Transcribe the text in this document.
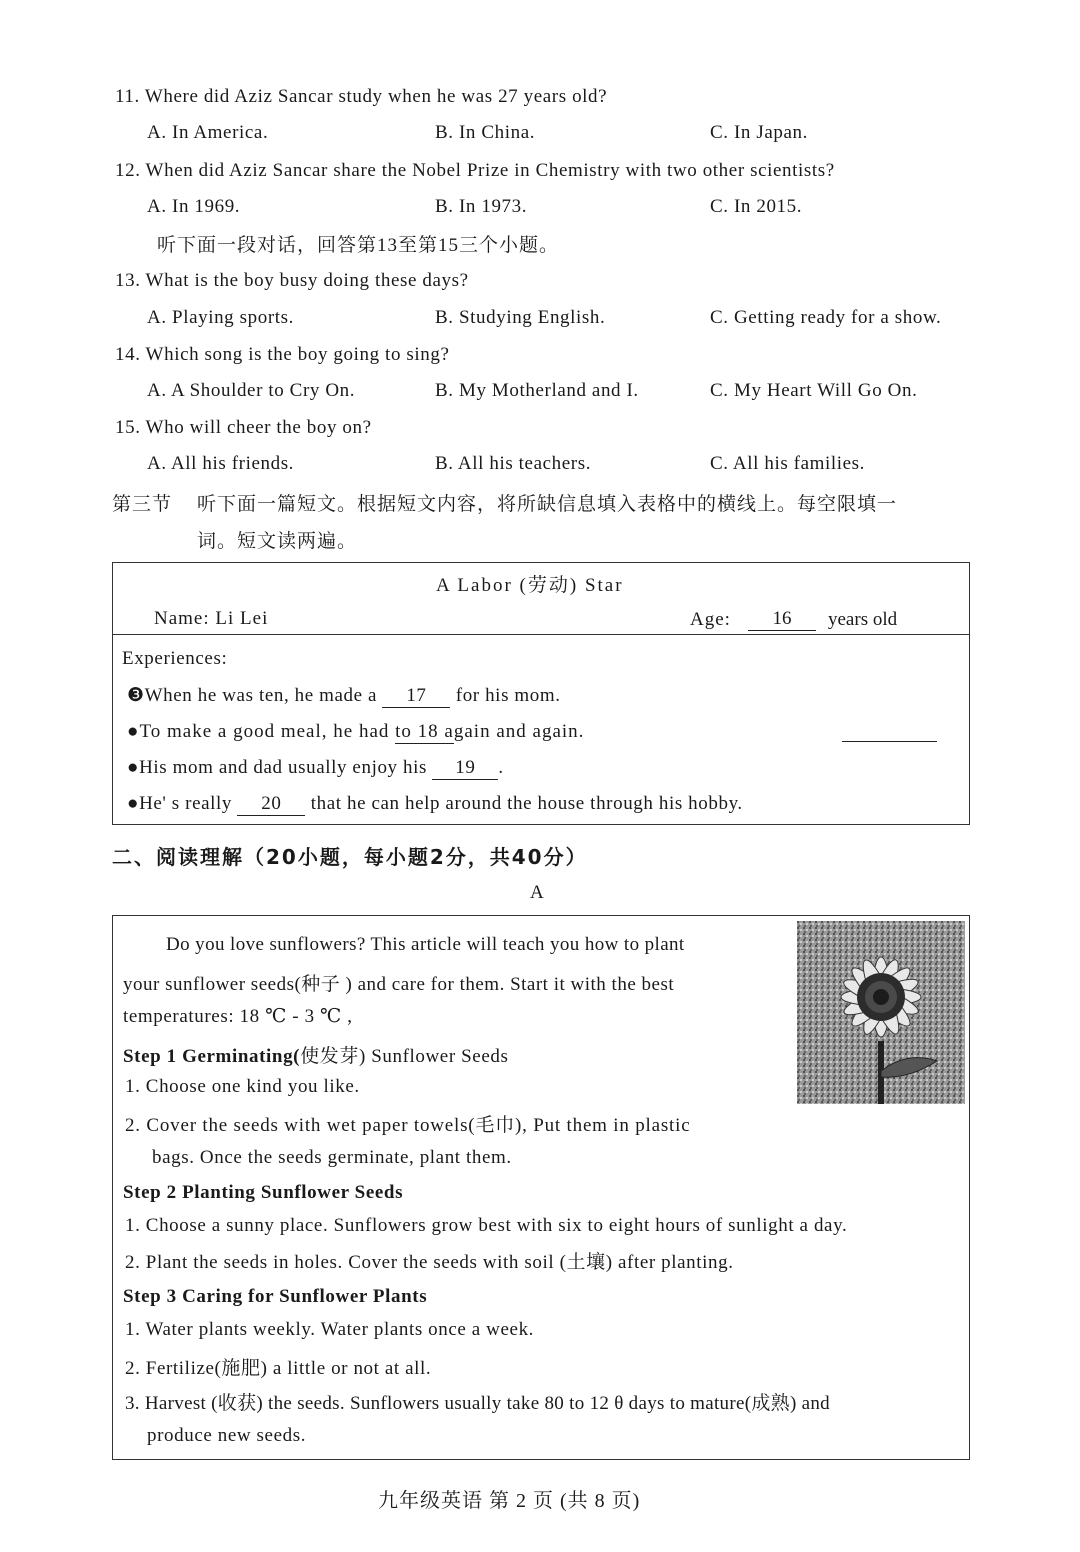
11. Where did Aziz Sancar study when he was 27 years old?
A. In America.	B. In China.	C. In Japan.
12. When did Aziz Sancar share the Nobel Prize in Chemistry with two other scientists?
A. In 1969.	B. In 1973.	C. In 2015.
听下面一段对话，回答第13至第15三个小题。
13. What is the boy busy doing these days?
A. Playing sports.	B. Studying English.	C. Getting ready for a show.
14. Which song is the boy going to sing?
A. A Shoulder to Cry On.	B. My Motherland and I.	C. My Heart Will Go On.
15. Who will cheer the boy on?
A. All his friends.	B. All his teachers.	C. All his families.
第三节 听下面一篇短文。根据短文内容，将所缺信息填入表格中的横线上。每空限填一
词。短文读两遍。
A Labor (劳动) Star
Name: Li Lei	Age:	16	years old
Experiences:
❸When he was ten, he made a 17 for his mom.
●To make a good meal, he had to 18 again and again.
●His mom and dad usually enjoy his 19 .
●He' s really 20 that he can help around the house through his hobby.
二、阅读理解（20小题，每小题2分，共40分）
A
Do you love sunflowers? This article will teach you how to plant
your sunflower seeds(种子 ) and care for them. Start it with the best
temperatures: 18 ℃ - 3 ℃ ,
Step 1 Germinating(使发芽) Sunflower Seeds
1. Choose one kind you like.
2. Cover the seeds with wet paper towels(毛巾), Put them in plastic
bags. Once the seeds germinate, plant them.
Step 2 Planting Sunflower Seeds
1. Choose a sunny place. Sunflowers grow best with six to eight hours of sunlight a day.
2. Plant the seeds in holes. Cover the seeds with soil (土壤) after planting.
Step 3 Caring for Sunflower Plants
1. Water plants weekly. Water plants once a week.
2. Fertilize(施肥) a little or not at all.
3. Harvest (收获) the seeds. Sunflowers usually take 80 to 12 θ days to mature(成熟) and
produce new seeds.
九年级英语 第 2 页 (共 8 页)
